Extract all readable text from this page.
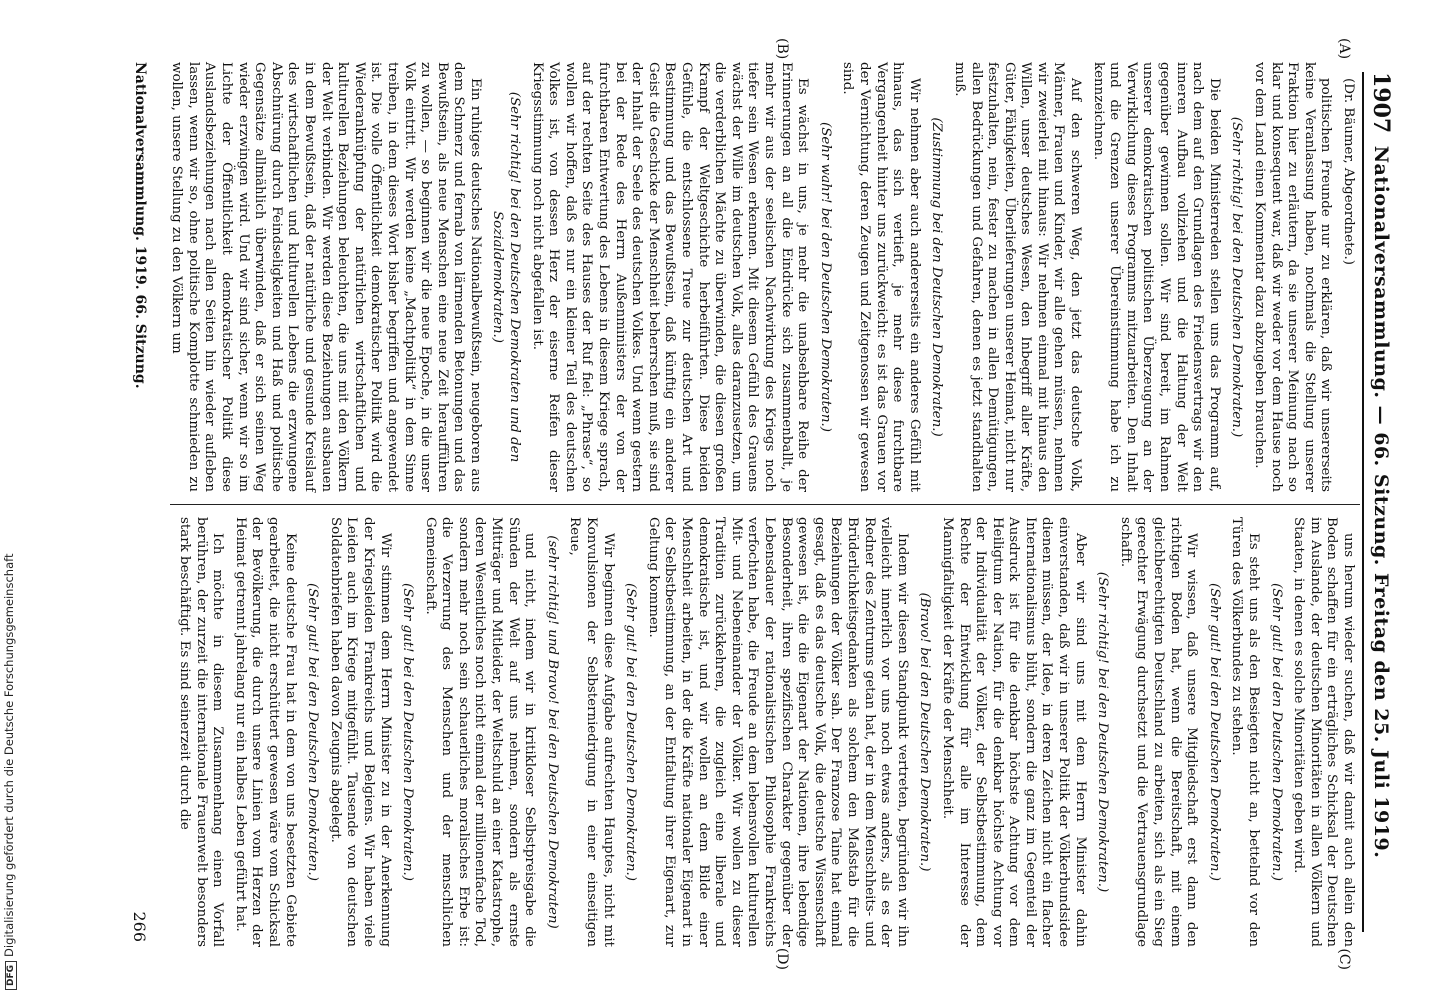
1907
Nationalversammlung. — 66. Sitzung. Freitag den 25. Juli 1919.

(Dr. Bäumer, Abgeordnete.)

politischen Freunde nur zu erklären, daß wir unsererseits keine Veranlassung haben, nochmals die Stellung unserer Fraktion hier zu erläutern, da sie unserer Meinung nach so klar und konsequent war, daß wir weder vor dem Hause noch vor dem Land einen Kommentar dazu abzugeben brauchen.

(Sehr richtig! bei den Deutschen Demokraten.)

Die beiden Ministerreden stellen uns das Programm auf, nach dem auf den Grundlagen des Friedensvertrags wir den inneren Aufbau vollziehen und die Haltung der Welt gegenüber gewinnen sollen. Wir sind bereit, im Rahmen unserer demokratischen politischen Überzeugung an der Verwirklichung dieses Programms mitzuarbeiten. Den Inhalt und die Grenzen unserer Übereinstimmung habe ich zu kennzeichnen.

Auf den schweren Weg, den jetzt das deutsche Volk, Männer, Frauen und Kinder, wir alle gehen müssen, nehmen wir zweierlei mit hinaus: Wir nehmen einmal mit hinaus den Willen, unser deutsches Wesen, den Inbegriff aller Kräfte, Güter, Fähigkeiten, Überlieferungen unserer Heimat, nicht nur festzuhalten, nein, fester zu machen in allen Demütigungen, allen Bedrückungen und Gefahren, denen es jetzt standhalten muß.

(Zustimmung bei den Deutschen Demokraten.)

Wir nehmen aber auch andererseits ein anderes Gefühl mit hinaus, das sich vertieft, je mehr diese furchtbare Vergangenheit hinter uns zurückweicht: es ist das Grauen vor der Vernichtung, deren Zeugen und Zeitgenossen wir gewesen sind.

(Sehr wahr! bei den Deutschen Demokraten.)

Es wächst in uns, je mehr die unabsehbare Reihe der Erinnerungen an all die Eindrücke sich zusammenballt, je mehr wir aus der seelischen Nachwirkung des Kriegs noch tiefer sein Wesen erkennen. Mit diesem Gefühl des Grauens wächst der Wille im deutschen Volk, alles daranzusetzen, um die verderblichen Mächte zu überwinden, die diesen großen Krampf der Weltgeschichte herbeiführten. Diese beiden Gefühle, die entschlossene Treue zur deutschen Art und Bestimmung und das Bewußtsein, daß künftig ein anderer Geist die Geschicke der Menschheit beherrschen muß, sie sind der Inhalt der Seele des deutschen Volkes. Und wenn gestern bei der Rede des Herrn Außenministers der von der furchtbaren Entwertung des Lebens in diesem Kriege sprach, auf der rechten Seite des Hauses der Ruf fiel: „Phrase“, so wollen wir hoffen, daß es nur ein kleiner Teil des deutschen Volkes ist, von dessen Herz der eiserne Reifen dieser Kriegsstimmung noch nicht abgefallen ist.

(Sehr richtig! bei den Deutschen Demokraten und den Sozialdemokraten.)

Ein ruhiges deutsches Nationalbewußtsein, neugeboren aus dem Schmerz und fernab von lärmenden Betonungen und das Bewußtsein, als neue Menschen eine neue Zeit heraufführen zu wollen, — so beginnen wir die neue Epoche, in die unser Volk eintritt. Wir werden keine „Machtpolitik“ in dem Sinne treiben, in dem dieses Wort bisher begriffen und angewendet ist. Die volle Öffentlichkeit demokratischer Politik wird die Wiederanknüpfung der natürlichen wirtschaftlichen und kulturellen Beziehungen beleuchten, die uns mit den Völkern der Welt verbinden. Wir werden diese Beziehungen ausbauen in dem Bewußtsein, daß der natürliche und gesunde Kreislauf des wirtschaftlichen und kulturellen Lebens die erzwungene Abschnürung durch Feindseligkeiten und Haß und politische Gegensätze allmählich überwinden, daß er sich seinen Weg wieder erzwingen wird. Und wir sind sicher, wenn wir so im Lichte der Öffentlichkeit demokratischer Politik diese Auslandsbeziehungen nach allen Seiten hin wieder aufleben lassen, wenn wir so, ohne politische Komplotte schmieden zu wollen, unsere Stellung zu den Völkern um

uns herum wieder suchen, daß wir damit auch allein den Boden schaffen für ein erträgliches Schicksal der Deutschen im Auslande, der deutschen Minoritäten in allen Völkern und Staaten, in denen es solche Minoritäten geben wird.

(Sehr gut! bei den Deutschen Demokraten.)

Es steht uns als den Besiegten nicht an, bettelnd vor den Türen des Völkerbundes zu stehen.

(Sehr gut! bei den Deutschen Demokraten.)

Wir wissen, daß unsere Mitgliedschaft erst dann den richtigen Boden hat, wenn die Bereitschaft, mit einem gleichberechtigten Deutschland zu arbeiten, sich als ein Sieg gerechter Erwägung durchsetzt und die Vertrauensgrundlage schafft.

(Sehr richtig! bei den Deutschen Demokraten.)

Aber wir sind uns mit dem Herrn Minister dahin einverstanden, daß wir in unserer Politik der Völkerbundsidee dienen müssen, der Idee, in deren Zeichen nicht ein flacher Internationalismus blüht, sondern die ganz im Gegenteil der Ausdruck ist für die denkbar höchste Achtung vor dem Heiligtum der Nation, für die denkbar höchste Achtung vor der Individualität der Völker, der Selbstbestimmung, dem Rechte der Entwicklung für alle im Interesse der Mannigfaltigkeit der Kräfte der Menschheit.

(Bravo! bei den Deutschen Demokraten.)

Indem wir diesen Standpunkt vertreten, begründen wir ihn vielleicht innerlich vor uns noch etwas anders, als es der Redner des Zentrums getan hat, der in dem Menschheits- und Brüderlichkeitsgedanken als solchem den Maßstab für die Beziehungen der Völker sah. Der Franzose Taine hat einmal gesagt, daß es das deutsche Volk, die deutsche Wissenschaft gewesen ist, die die Eigenart der Nationen, ihre lebendige Besonderheit, ihren spezifischen Charakter gegenüber der Lebensdauer der rationalistischen Philosophie Frankreichs verfochten habe, die Freude an dem lebensvollen kulturellen Mit- und Nebeneinander der Völker. Wir wollen zu dieser Tradition zurückkehren, die zugleich eine liberale und demokratische ist, und wir wollen an dem Bilde einer Menschheit arbeiten, in der die Kräfte nationaler Eigenart in der Selbstbestimmung, an der Entfaltung ihrer Eigenart, zur Geltung kommen.

(Sehr gut! bei den Deutschen Demokraten.)

Wir beginnen diese Aufgabe aufrechten Hauptes, nicht mit Konvulsionen der Selbsterniedrigung in einer einseitigen Reue,

(sehr richtig! und Bravo! bei den Deutschen Demokraten)

und nicht, indem wir in kritikloser Selbstpreisgabe die Sünden der Welt auf uns nehmen, sondern als ernste Mitträger und Mitleider, der Weltschuld an einer Katastrophe, deren Wesentliches noch nicht einmal der millionenfache Tod, sondern mehr noch sein schauerliches moralisches Erbe ist: die Verzerrung des Menschen und der menschlichen Gemeinschaft.

(Sehr gut! bei den Deutschen Demokraten.)

Wir stimmen dem Herrn Minister zu in der Anerkennung der Kriegsleiden Frankreichs und Belgiens. Wir haben viele Leiden auch im Kriege mitgefühlt. Tausende von deutschen Soldatenbriefen haben davon Zeugnis abgelegt.

(Sehr gut! bei den Deutschen Demokraten.)

Keine deutsche Frau hat in dem von uns besetzten Gebiete gearbeitet, die nicht erschüttert gewesen wäre vom Schicksal der Bevölkerung, die durch unsere Linien vom Herzen der Heimat getrennt jahrelang nur ein halbes Leben geführt hat.

Ich möchte in diesem Zusammenhang einen Vorfall berühren, der zurzeit die internationale Frauenwelt besonders stark beschäftigt. Es sind seinerzeit durch die

(A)
(B)
(C)
(D)
Nationalversammlung. 1919. 66. Sitzung.
266
DFGDigitalisierung gefördert durch die Deutsche Forschungsgemeinschaft
